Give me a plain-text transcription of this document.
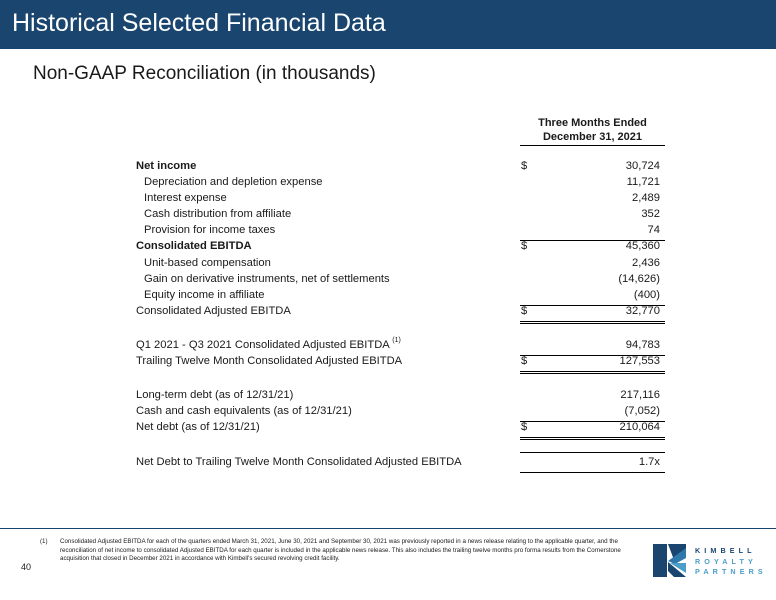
Historical Selected Financial Data
Non-GAAP Reconciliation (in thousands)
Three Months Ended
December 31, 2021
Net income	$	30,724
Depreciation and depletion expense	11,721
Interest expense	2,489
Cash distribution from affiliate	352
Provision for income taxes	74
Consolidated EBITDA	$	45,360
Unit-based compensation	2,436
Gain on derivative instruments, net of settlements	(14,626)
Equity income in affiliate	(400)
Consolidated Adjusted EBITDA	$	32,770
Q1 2021 - Q3 2021 Consolidated Adjusted EBITDA $^{(1)}$	94,783
Trailing Twelve Month Consolidated Adjusted EBITDA	$	127,553
Long-term debt (as of 12/31/21)	217,116
Cash and cash equivalents (as of 12/31/21)	(7,052)
Net debt (as of 12/31/21)	$	210,064
Net Debt to Trailing Twelve Month Consolidated Adjusted EBITDA	1.7x
(1) Consolidated Adjusted EBITDA for each of the quarters ended March 31, 2021, June 30, 2021 and September 30, 2021 was previously reported in a news release relating to the applicable quarter, and the reconciliation of net income to consolidated Adjusted EBITDA for each quarter is included in the applicable news release. This also includes the trailing twelve months pro forma results from the Cornerstone acquisition that closed in December 2021 in accordance with Kimbell's secured revolving credit facility.
40
KIMBELL
ROYALTY
PARTNERS
